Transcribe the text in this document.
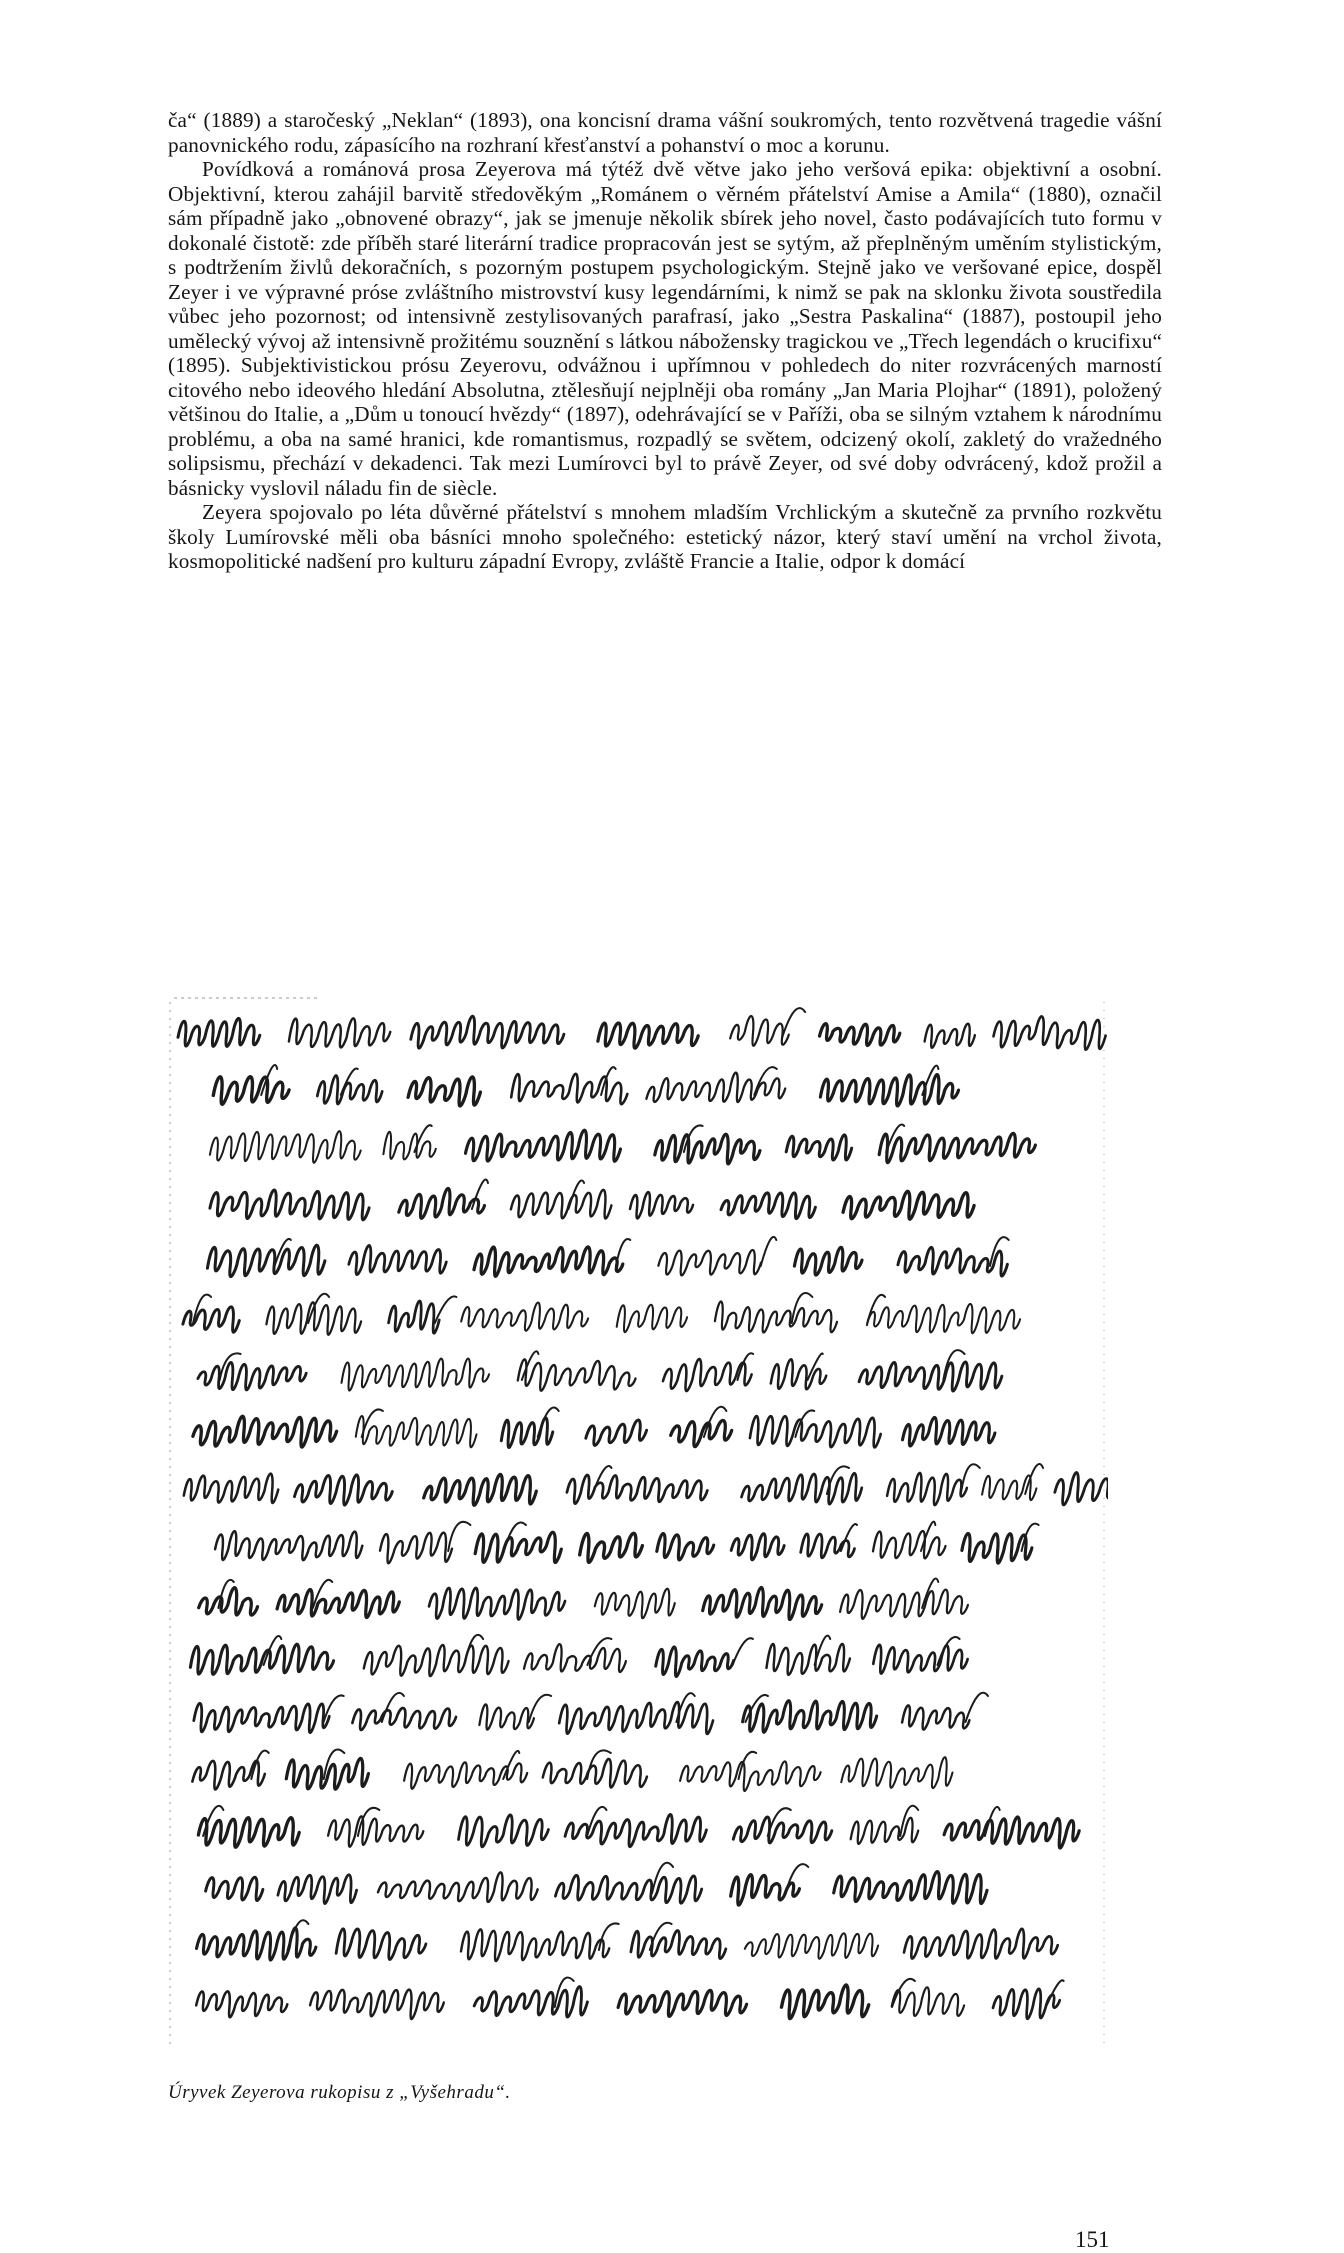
ča“ (1889) a staročeský „Neklan“ (1893), ona koncisní drama vášní soukromých, tento rozvětvená tragedie vášní panovnického rodu, zápasícího na rozhraní křesťanství a pohanství o moc a korunu.

Povídková a románová prosa Zeyerova má týtéž dvě větve jako jeho veršová epika: objektivní a osobní. Objektivní, kterou zahájil barvitě středověkým „Románem o věrném přátelství Amise a Amila“ (1880), označil sám případně jako „obnovené obrazy“, jak se jmenuje několik sbírek jeho novel, často podávajících tuto formu v dokonalé čistotě: zde příběh staré literární tradice propracován jest se sytým, až přeplněným uměním stylistickým, s podtržením živlů dekoračních, s pozorným postupem psychologickým. Stejně jako ve veršované epice, dospěl Zeyer i ve výpravné próse zvláštního mistrovství kusy legendárními, k nimž se pak na sklonku života soustředila vůbec jeho pozornost; od intensivně zestylisovaných parafrasí, jako „Sestra Paskalina“ (1887), postoupil jeho umělecký vývoj až intensivně prožitému souznění s látkou náboženskу tragickou ve „Třech legendách o krucifixu“ (1895). Subjektivistickou prósu Zeyerovu, odvážnou i upřímnou v pohledech do niter rozvrácených marností citového nebo ideového hledání Absolutna, ztělesňují nejplněji oba romány „Jan Maria Plojhar“ (1891), položený většinou do Italie, a „Dům u tonoucí hvězdy“ (1897), odehrávající se v Paříži, oba se silným vztahem k národnímu problému, a oba na samé hranici, kde romantismus, rozpadlý se světem, odcizený okolí, zakletý do vražedného solipsismu, přechází v dekadenci. Tak mezi Lumírovci byl to právě Zeyer, od své doby odvrácený, kdož prožil a básnicky vyslovil náladu fin de siècle.

Zeyera spojovalo po léta důvěrné přátelství s mnohem mladším Vrchlickým a skutečně za prvního rozkvětu školy Lumírovské měli oba básníci mnoho společného: estetický názor, který staví umění na vrchol života, kosmopolitické nadšení pro kulturu západní Evropy, zvláště Francie a Italie, odpor k domácí

Úryvek Zeyerova rukopisu z „Vyšehradu“.
151
